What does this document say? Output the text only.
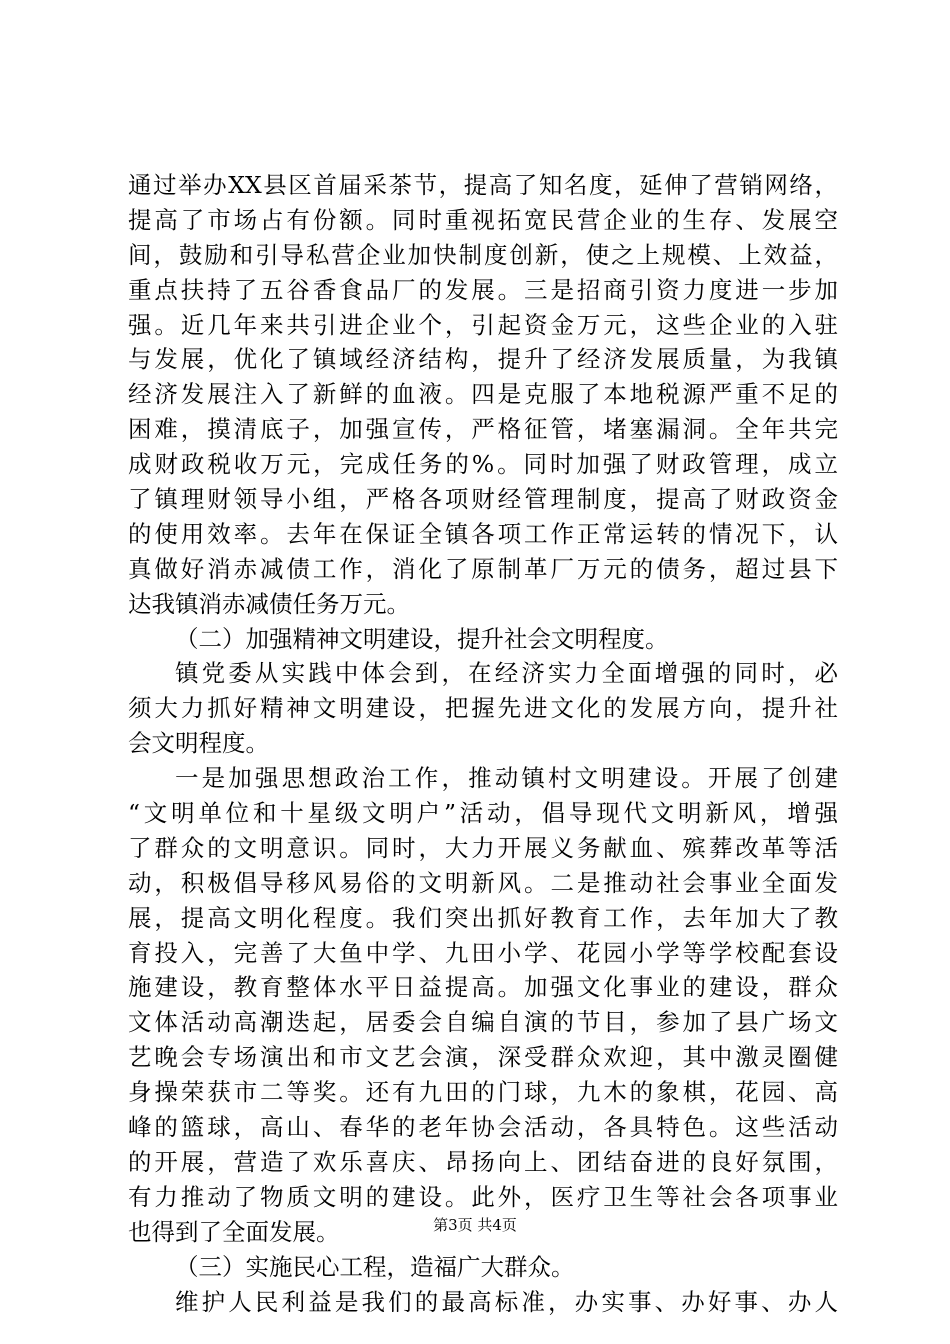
通过举办XX县区首届采茶节，提高了知名度，延伸了营销网络，
提高了市场占有份额。同时重视拓宽民营企业的生存、发展空
间，鼓励和引导私营企业加快制度创新，使之上规模、上效益，
重点扶持了五谷香食品厂的发展。三是招商引资力度进一步加
强。近几年来共引进企业个，引起资金万元，这些企业的入驻
与发展，优化了镇域经济结构，提升了经济发展质量，为我镇
经济发展注入了新鲜的血液。四是克服了本地税源严重不足的
困难，摸清底子，加强宣传，严格征管，堵塞漏洞。全年共完
成财政税收万元，完成任务的%。同时加强了财政管理，成立
了镇理财领导小组，严格各项财经管理制度，提高了财政资金
的使用效率。去年在保证全镇各项工作正常运转的情况下，认
真做好消赤减债工作，消化了原制革厂万元的债务，超过县下
达我镇消赤减债任务万元。
（二）加强精神文明建设，提升社会文明程度。
镇党委从实践中体会到，在经济实力全面增强的同时，必
须大力抓好精神文明建设，把握先进文化的发展方向，提升社
会文明程度。
一是加强思想政治工作，推动镇村文明建设。开展了创建
“文明单位和十星级文明户”活动，倡导现代文明新风，增强
了群众的文明意识。同时，大力开展义务献血、殡葬改革等活
动，积极倡导移风易俗的文明新风。二是推动社会事业全面发
展，提高文明化程度。我们突出抓好教育工作，去年加大了教
育投入，完善了大鱼中学、九田小学、花园小学等学校配套设
施建设，教育整体水平日益提高。加强文化事业的建设，群众
文体活动高潮迭起，居委会自编自演的节目，参加了县广场文
艺晚会专场演出和市文艺会演，深受群众欢迎，其中激灵圈健
身操荣获市二等奖。还有九田的门球，九木的象棋，花园、高
峰的篮球，高山、春华的老年协会活动，各具特色。这些活动
的开展，营造了欢乐喜庆、昂扬向上、团结奋进的良好氛围，
有力推动了物质文明的建设。此外，医疗卫生等社会各项事业
也得到了全面发展。
（三）实施民心工程，造福广大群众。
维护人民利益是我们的最高标准，办实事、办好事、办人
第3页 共4页
